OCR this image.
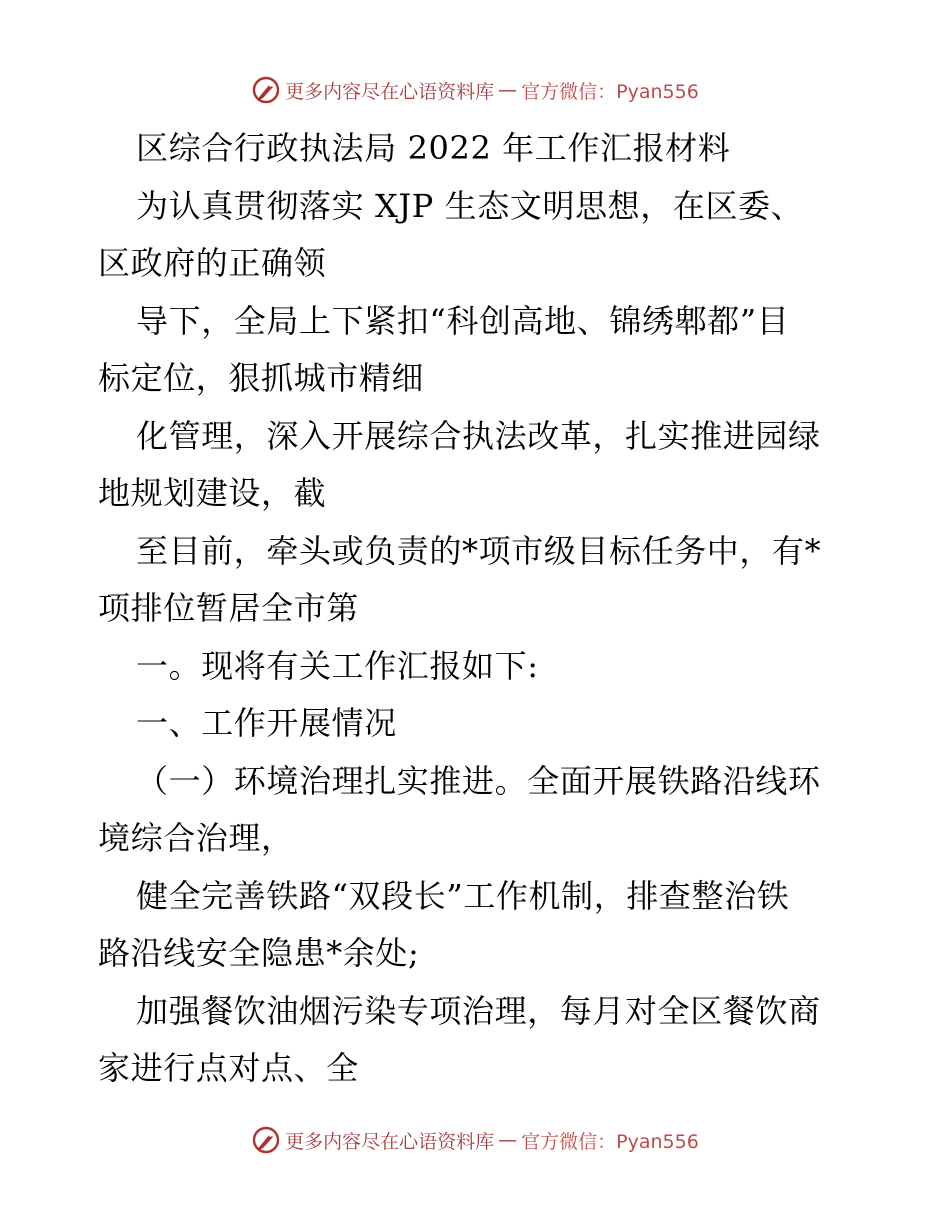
更多内容尽在心语资料库 — 官方微信：Pyan556
区综合行政执法局 2022 年工作汇报材料
为认真贯彻落实 XJP 生态文明思想，在区委、
区政府的正确领
导下，全局上下紧扣“科创高地、锦绣郫都”目
标定位，狠抓城市精细
化管理，深入开展综合执法改革，扎实推进园绿
地规划建设，截
至目前，牵头或负责的*项市级目标任务中，有*
项排位暂居全市第
一。现将有关工作汇报如下:
一、工作开展情况
（一）环境治理扎实推进。全面开展铁路沿线环
境综合治理，
健全完善铁路“双段长”工作机制，排查整治铁
路沿线安全隐患*余处;
加强餐饮油烟污染专项治理，每月对全区餐饮商
家进行点对点、全
更多内容尽在心语资料库 — 官方微信：Pyan556
